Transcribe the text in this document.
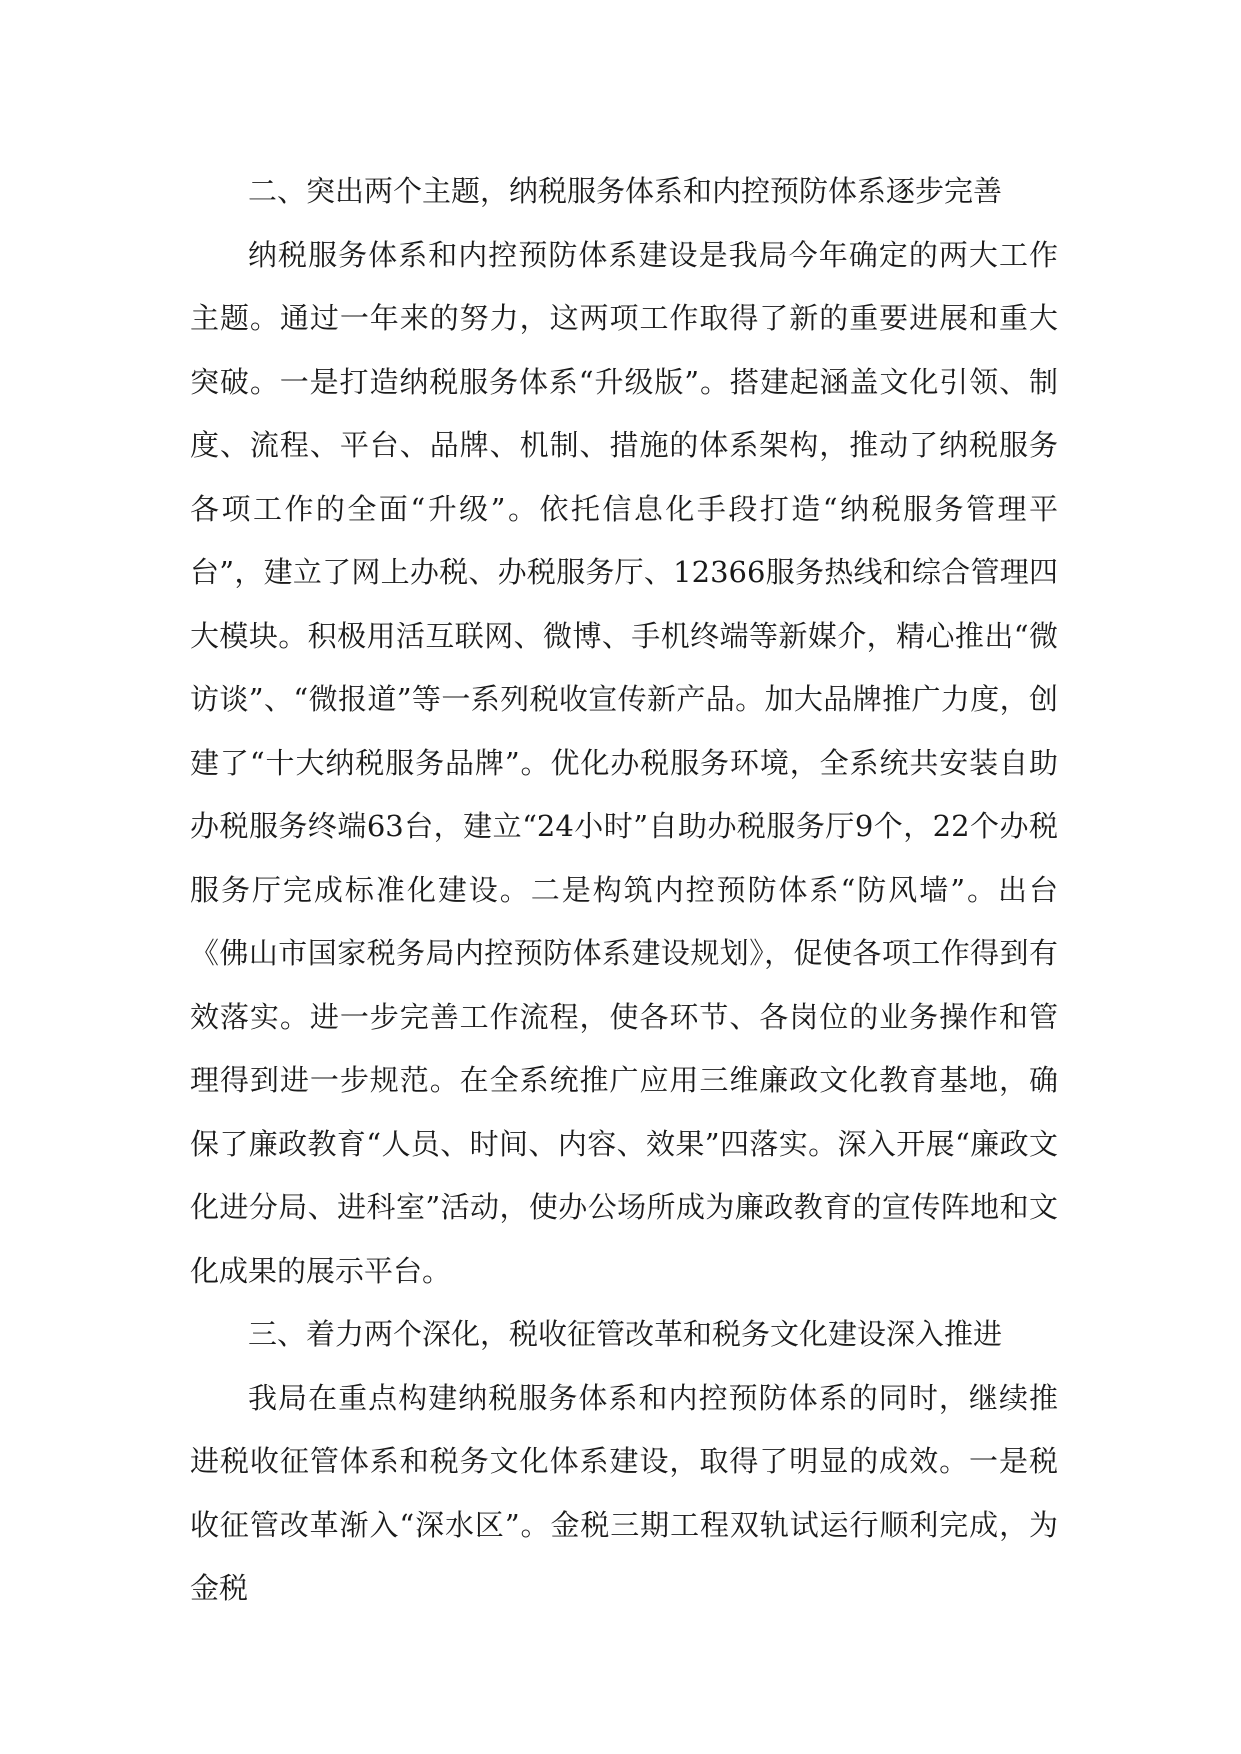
二、突出两个主题，纳税服务体系和内控预防体系逐步完善

纳税服务体系和内控预防体系建设是我局今年确定的两大工作主题。通过一年来的努力，这两项工作取得了新的重要进展和重大突破。一是打造纳税服务体系“升级版”。搭建起涵盖文化引领、制度、流程、平台、品牌、机制、措施的体系架构，推动了纳税服务各项工作的全面“升级”。依托信息化手段打造“纳税服务管理平台”，建立了网上办税、办税服务厅、12366服务热线和综合管理四大模块。积极用活互联网、微博、手机终端等新媒介，精心推出“微访谈”、“微报道”等一系列税收宣传新产品。加大品牌推广力度，创建了“十大纳税服务品牌”。优化办税服务环境，全系统共安装自助办税服务终端63台，建立“24小时”自助办税服务厅9个，22个办税服务厅完成标准化建设。二是构筑内控预防体系“防风墙”。出台《佛山市国家税务局内控预防体系建设规划》，促使各项工作得到有效落实。进一步完善工作流程，使各环节、各岗位的业务操作和管理得到进一步规范。在全系统推广应用三维廉政文化教育基地，确保了廉政教育“人员、时间、内容、效果”四落实。深入开展“廉政文化进分局、进科室”活动，使办公场所成为廉政教育的宣传阵地和文化成果的展示平台。

三、着力两个深化，税收征管改革和税务文化建设深入推进

我局在重点构建纳税服务体系和内控预防体系的同时，继续推进税收征管体系和税务文化体系建设，取得了明显的成效。一是税收征管改革渐入“深水区”。金税三期工程双轨试运行顺利完成，为金税
